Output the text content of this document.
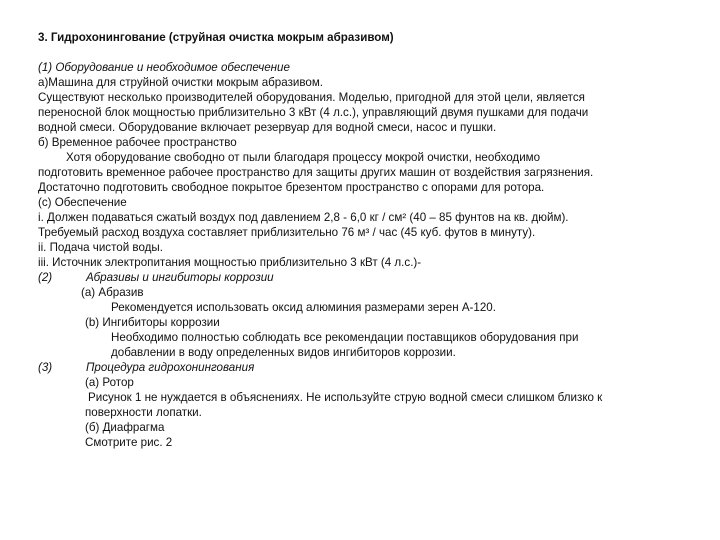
3. Гидрохонингование (струйная очистка мокрым абразивом)

(1) Оборудование и необходимое обеспечение

а)Машина для струйной очистки мокрым абразивом.

Существуют несколько производителей оборудования. Моделью, пригодной для этой цели, является

переносной блок мощностью приблизительно 3 кВт (4 л.с.), управляющий двумя пушками для подачи

водной смеси. Оборудование включает резервуар для водной смеси, насос и пушки.

б) Временное рабочее пространство

Хотя оборудование свободно от пыли благодаря процессу мокрой очистки, необходимо

подготовить временное рабочее пространство для защиты других машин от воздействия загрязнения.

Достаточно подготовить свободное покрытое брезентом пространство с опорами для ротора.

(с) Обеспечение

i. Должен подаваться сжатый воздух под давлением 2,8 - 6,0 кг / см² (40 – 85 фунтов на кв. дюйм).

Требуемый расход воздуха составляет приблизительно 76 м³ / час (45 куб. футов в минуту).

ii. Подача чистой воды.

iii. Источник электропитания мощностью приблизительно 3 кВт (4 л.с.)-

(2)	Абразивы и ингибиторы коррозии

(a) Абразив

Рекомендуется использовать оксид алюминия размерами зерен А-120.

(b) Ингибиторы коррозии

Необходимо полностью соблюдать все рекомендации поставщиков оборудования при

добавлении в воду определенных видов ингибиторов коррозии.

(3)	Процедура гидрохонингования

(а) Ротор

Рисунок 1 не нуждается в объяснениях. Не используйте струю водной смеси слишком близко к

поверхности лопатки.

(б) Диафрагма

Смотрите рис. 2
